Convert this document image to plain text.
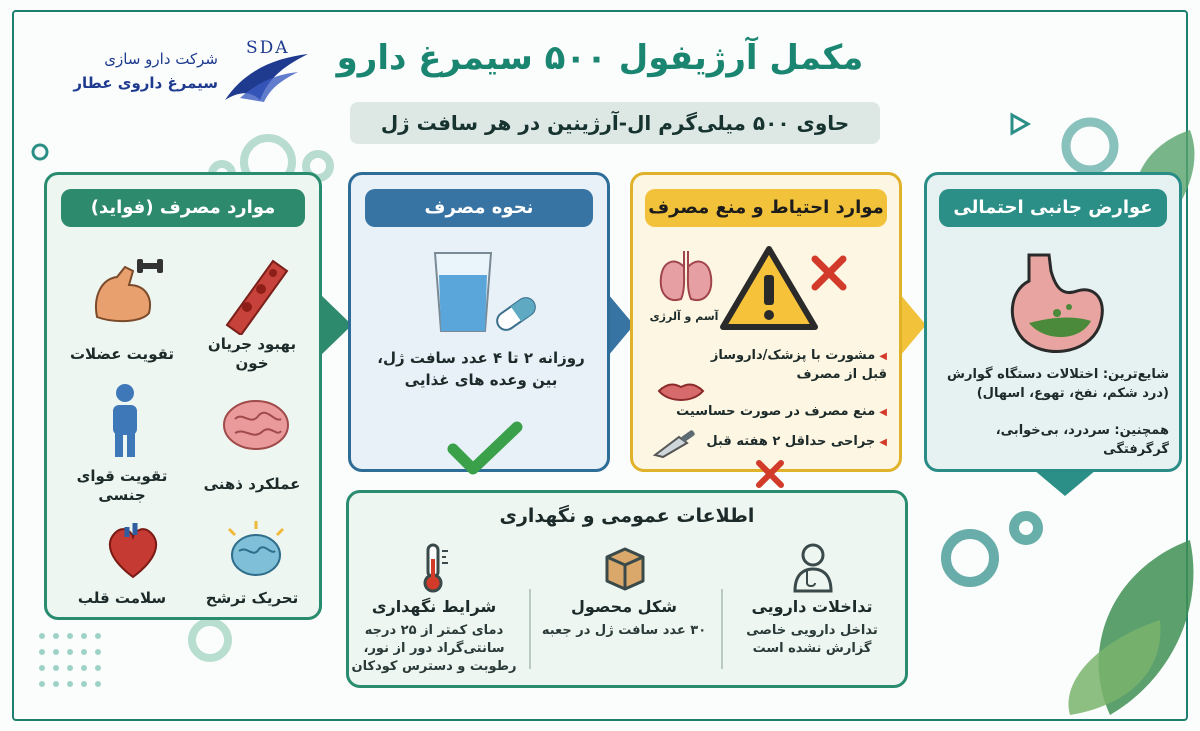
SDA
شرکت دارو سازی
سیمرغ داروی عطار
مکمل آرژیفول ۵۰۰ سیمرغ دارو
حاوی ۵۰۰ میلی‌گرم ال-آرژینین در هر سافت ژل
موارد مصرف (فواید)
تقویت عضلات
بهبود جریان خون
تقویت قوای جنسی
عملکرد ذهنی
سلامت قلب	تحریک ترشح
نحوه مصرف
روزانه ۲ تا ۴ عدد سافت ژل، بین وعده های غذایی
موارد احتیاط و منع مصرف
آسم و آلرژی
◀ مشورت با پزشک/داروساز قبل از مصرف
◀ منع مصرف در صورت حساسیت
◀ جراحی حداقل ۲ هفته قبل
عوارض جانبی احتمالی
شایع‌ترین: اختلالات دستگاه گوارش (درد شکم، نفخ، تهوع، اسهال)
همچنین: سردرد، بی‌خوابی، گرگرفتگی
اطلاعات عمومی و نگهداری
تداخلات دارویی
تداخل دارویی خاصی گزارش نشده است
شکل محصول
۳۰ عدد سافت ژل در جعبه
شرایط نگهداری
دمای کمتر از ۲۵ درجه سانتی‌گراد دور از نور، رطوبت و دسترس کودکان
